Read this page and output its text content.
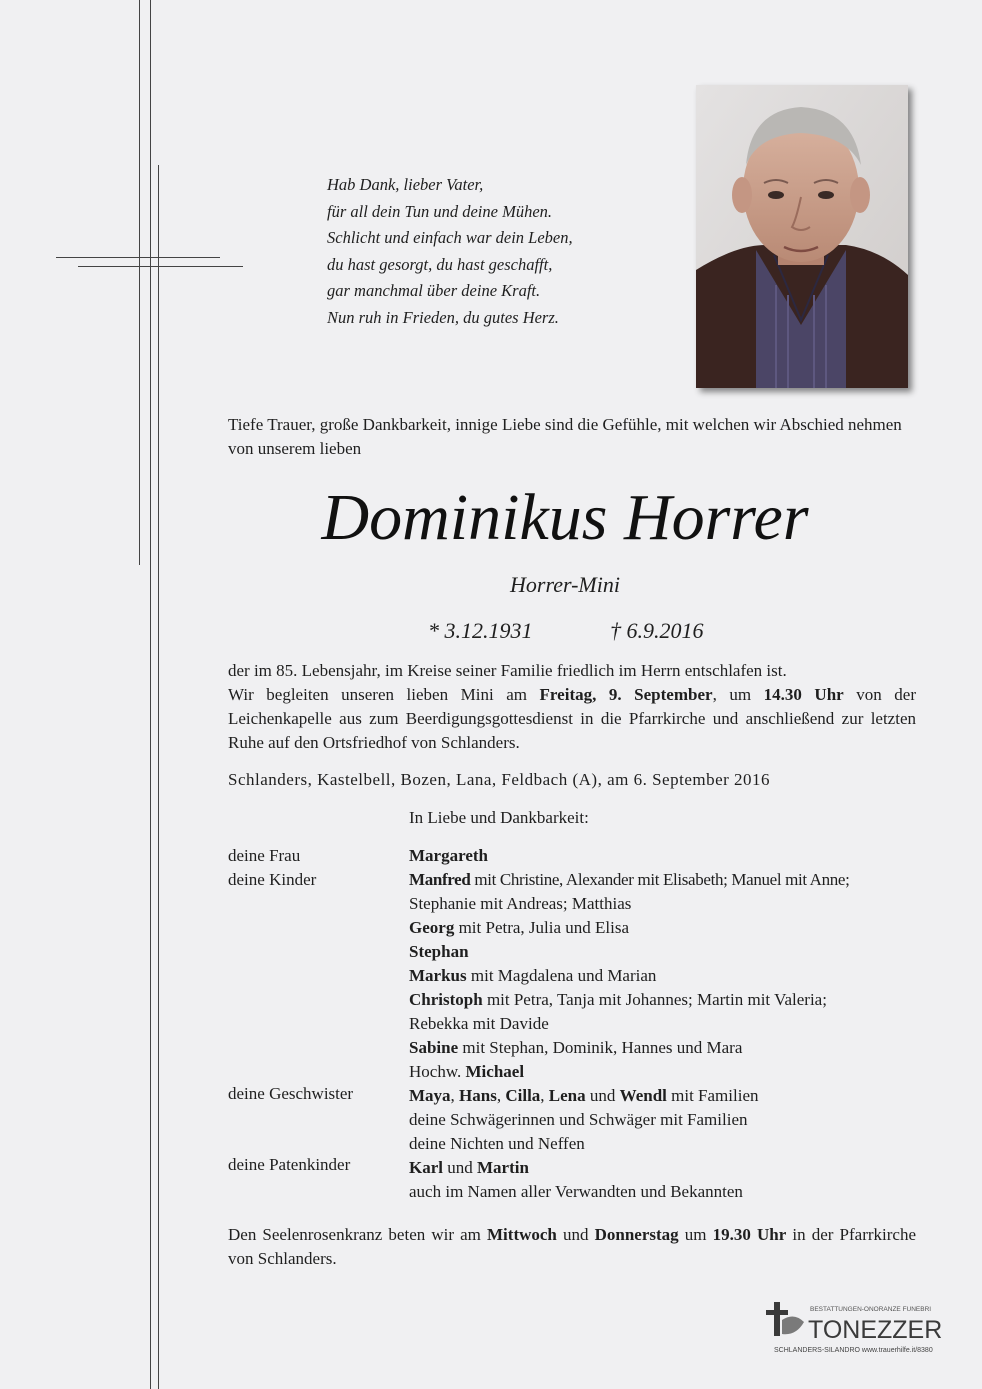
Hab Dank, lieber Vater,
für all dein Tun und deine Mühen.
Schlicht und einfach war dein Leben,
du hast gesorgt, du hast geschafft,
gar manchmal über deine Kraft.
Nun ruh in Frieden, du gutes Herz.
Tiefe Trauer, große Dankbarkeit, innige Liebe sind die Gefühle, mit welchen wir Abschied nehmen von unserem lieben
Dominikus Horrer
Horrer-Mini
* 3.12.1931	† 6.9.2016
der im 85. Lebensjahr, im Kreise seiner Familie friedlich im Herrn entschlafen ist.
Wir begleiten unseren lieben Mini am Freitag, 9. September, um 14.30 Uhr von der Leichenkapelle aus zum Beerdigungsgottesdienst in die Pfarrkirche und anschließend zur letzten Ruhe auf den Ortsfriedhof von Schlanders.
Schlanders, Kastelbell, Bozen, Lana, Feldbach (A), am 6. September 2016
In Liebe und Dankbarkeit:
deine Frau
deine Kinder
deine Geschwister
deine Patenkinder
Margareth
Manfred mit Christine, Alexander mit Elisabeth; Manuel mit Anne;
Stephanie mit Andreas; Matthias
Georg mit Petra, Julia und Elisa
Stephan
Markus mit Magdalena und Marian
Christoph mit Petra, Tanja mit Johannes; Martin mit Valeria;
Rebekka mit Davide
Sabine mit Stephan, Dominik, Hannes und Mara
Hochw. Michael
Maya, Hans, Cilla, Lena und Wendl mit Familien
deine Schwägerinnen und Schwäger mit Familien
deine Nichten und Neffen
Karl und Martin
auch im Namen aller Verwandten und Bekannten
Den Seelenrosenkranz beten wir am Mittwoch und Donnerstag um 19.30 Uhr in der Pfarrkirche von Schlanders.
BESTATTUNGEN-ONORANZE FUNEBRI
TONEZZER
SCHLANDERS-SILANDRO www.trauerhilfe.it/8380
